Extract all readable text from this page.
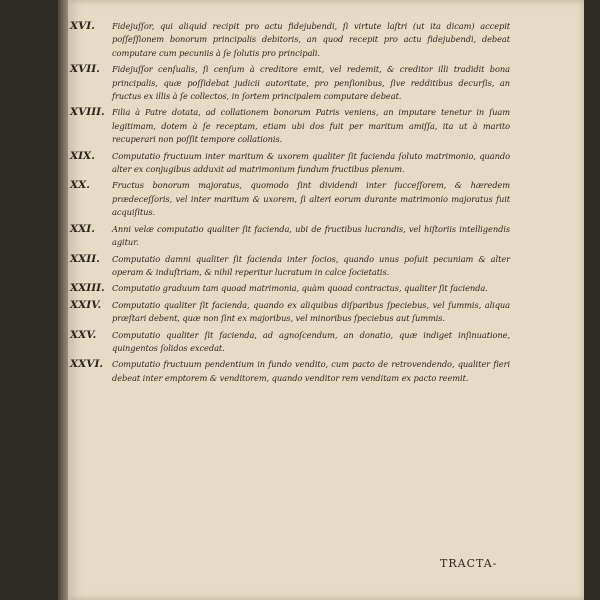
XVI.	Fidejuſſor, qui aliquid recipit pro actu fidejubendi, ſi virtute laſtri (ut ita dicam) accepit poſſeſſionem bonorum principalis debitoris, an quod recepit pro actu fidejubendi, debeat computare cum pecuniis à ſe ſolutis pro principali.
XVII.	Fidejuſſor cenſualis, ſi cenſum à creditore emit, vel redemit, & creditor illi tradidit bona principalis, quæ poſſidebat judicii autoritate, pro penſionibus, ſive redditibus decurſis, an fructus ex illis à ſe collectos, in ſortem principalem computare debeat.
XVIII. Filia à Patre dotata, ad collationem bonorum Patris veniens, an imputare tenetur in ſuam legitimam, dotem à ſe receptam, etiam ubi dos fuit per maritum amiſſa, ita ut à marito recuperari non poſſit tempore collationis.
XIX.	Computatio fructuum inter maritum & uxorem qualiter ſit facienda ſoluto matrimonio, quando alter ex conjugibus adduxit ad matrimonium fundum fructibus plenum.
XX.	Fructus bonorum majoratus, quomodo ſint dividendi inter ſucceſſorem, & hæredem prædeceſſoris, vel inter maritum & uxorem, ſi alteri eorum durante matrimonio majoratus fuit acquiſitus.
XXI.	Anni velæ computatio qualiter ſit facienda, ubi de fructibus lucrandis, vel hiſtoriis intelligendis agitur.
XXII.	Computatio damni qualiter ſit facienda inter ſocios, quando unus poſuit pecuniam & alter operam & induſtriam, & nihil reperitur lucratum in calce ſocietatis.
XXIII. Computatio graduum tam quoad matrimonia, quàm quoad contractus, qualiter ſit facienda.
XXIV.	Computatio qualiter ſit facienda, quando ex aliquibus diſparibus ſpeciebus, vel ſummis, aliqua præſtari debent, quæ non ſint ex majoribus, vel minoribus ſpeciebus aut ſummis.
XXV.	Computatio qualiter ſit facienda, ad agnoſcendum, an donatio, quæ indiget inſinuatione, quingentos ſolidos excedat.
XXVI.	Computatio fructuum pendentium in fundo vendito, cum pacto de retrovendendo, qualiter fieri debeat inter emptorem & venditorem, quando venditor rem venditam ex pacto reemit.
TRACTA-
